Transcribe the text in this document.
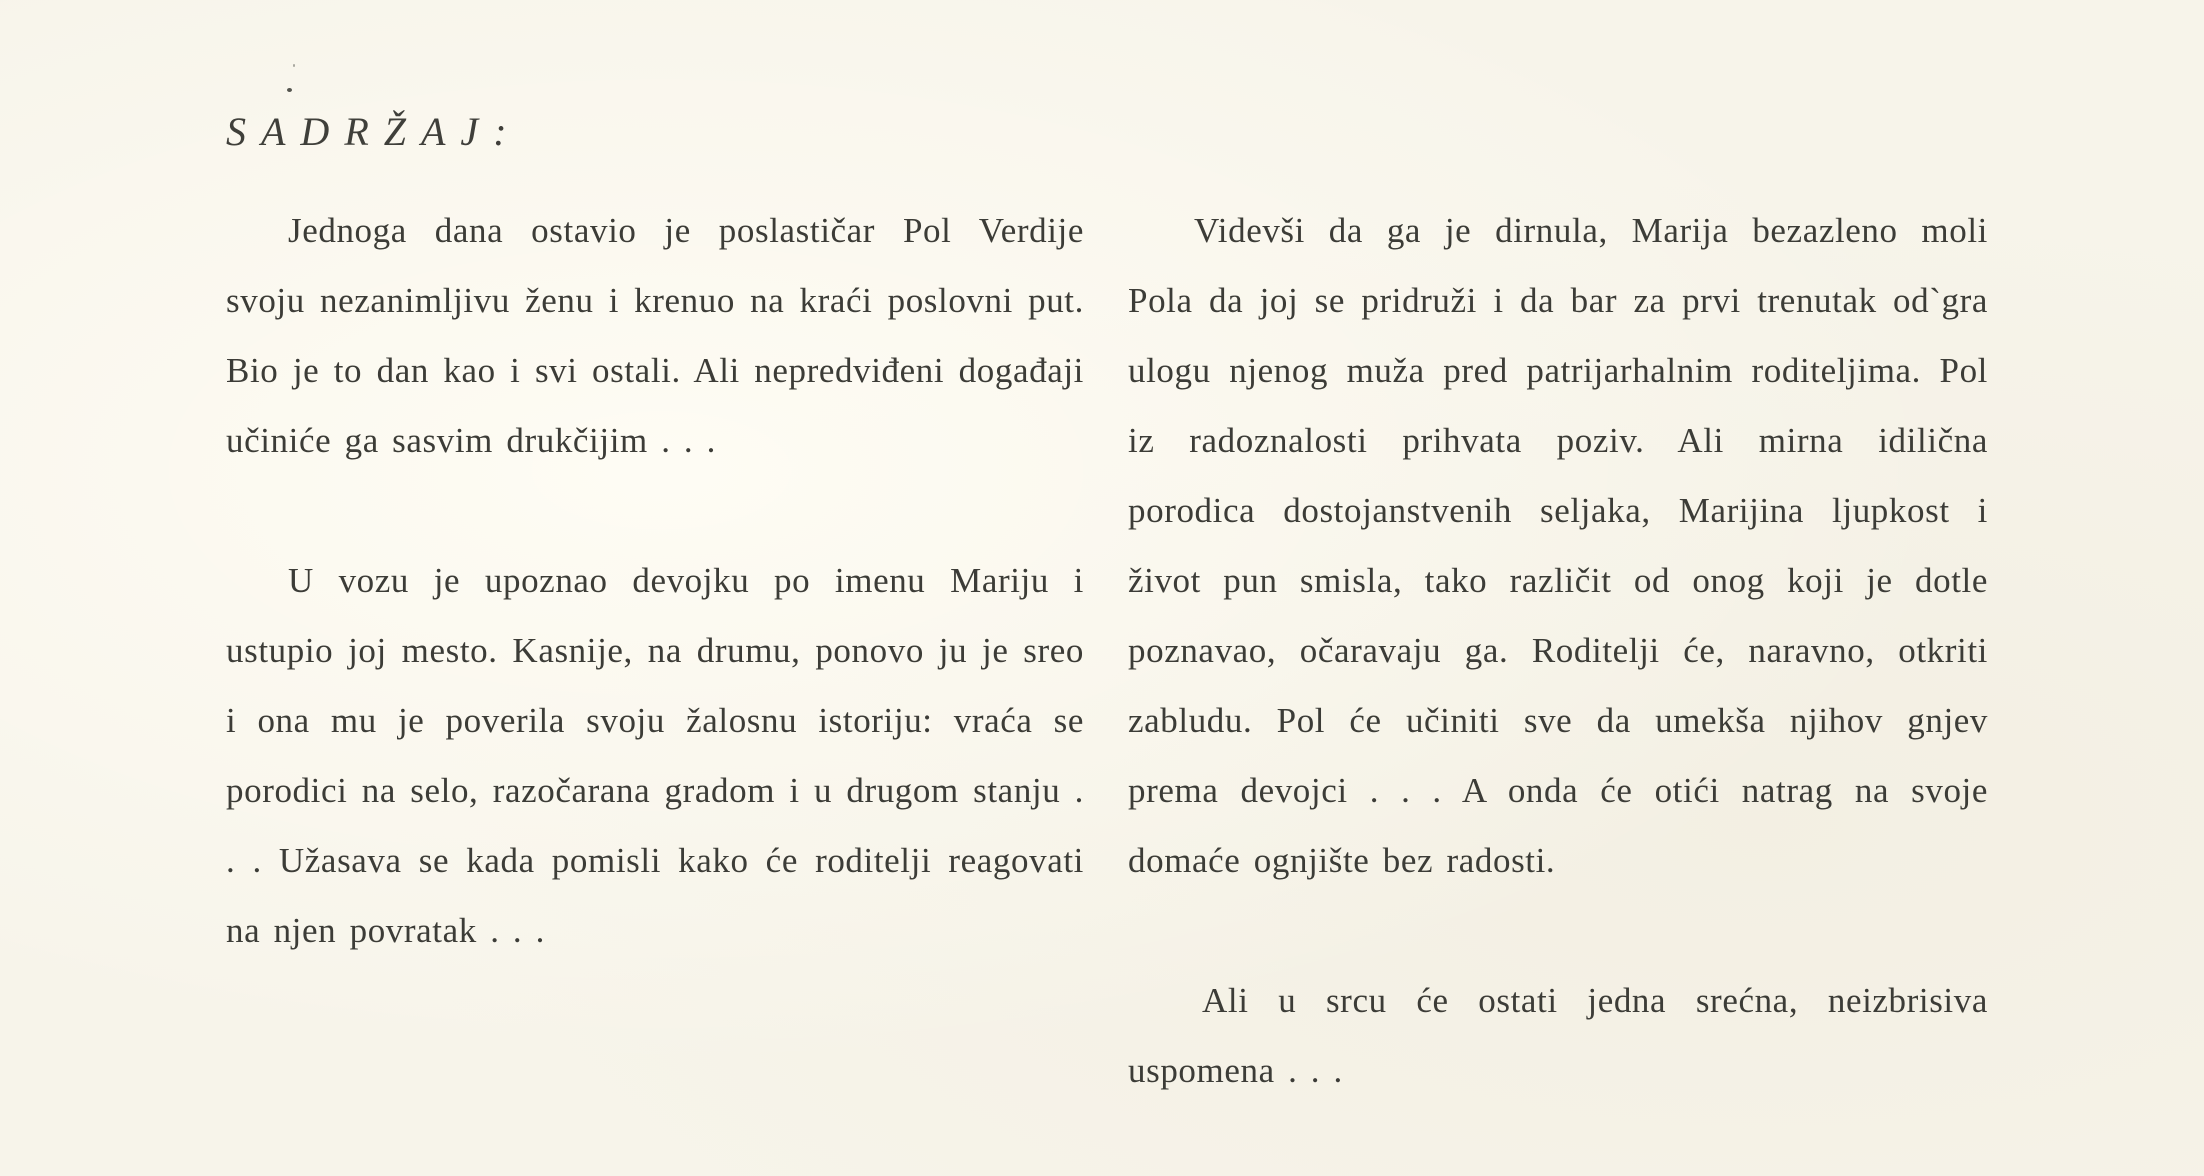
SADRŽAJ:

Jednoga dana ostavio je poslastičar Pol Verdije svoju nezanimljivu ženu i krenuo na kraći poslovni put. Bio je to dan kao i svi ostali. Ali nepredviđeni događaji učiniće ga sasvim drukčijim . . .

U vozu je upoznao devojku po imenu Mariju i ustupio joj mesto. Kasnije, na drumu, ponovo ju je sreo i ona mu je poverila svoju žalosnu istoriju: vraća se porodici na selo, razočarana gradom i u drugom stanju . . . Užasava se kada pomisli kako će roditelji reagovati na njen povratak . . .

Videvši da ga je dirnula, Marija bezazleno moli Pola da joj se pridruži i da bar za prvi trenutak od`gra ulogu njenog muža pred patrijarhalnim roditeljima. Pol iz radoznalosti prihvata poziv. Ali mirna idilična porodica dostojanstvenih seljaka, Marijina ljupkost i život pun smisla, tako različit od onog koji je dotle poznavao, očaravaju ga. Roditelji će, naravno, otkriti zabludu. Pol će učiniti sve da umekša njihov gnjev prema devojci . . . A onda će otići natrag na svoje domaće ognjište bez radosti.

Ali u srcu će ostati jedna srećna, neizbrisiva uspomena . . .
